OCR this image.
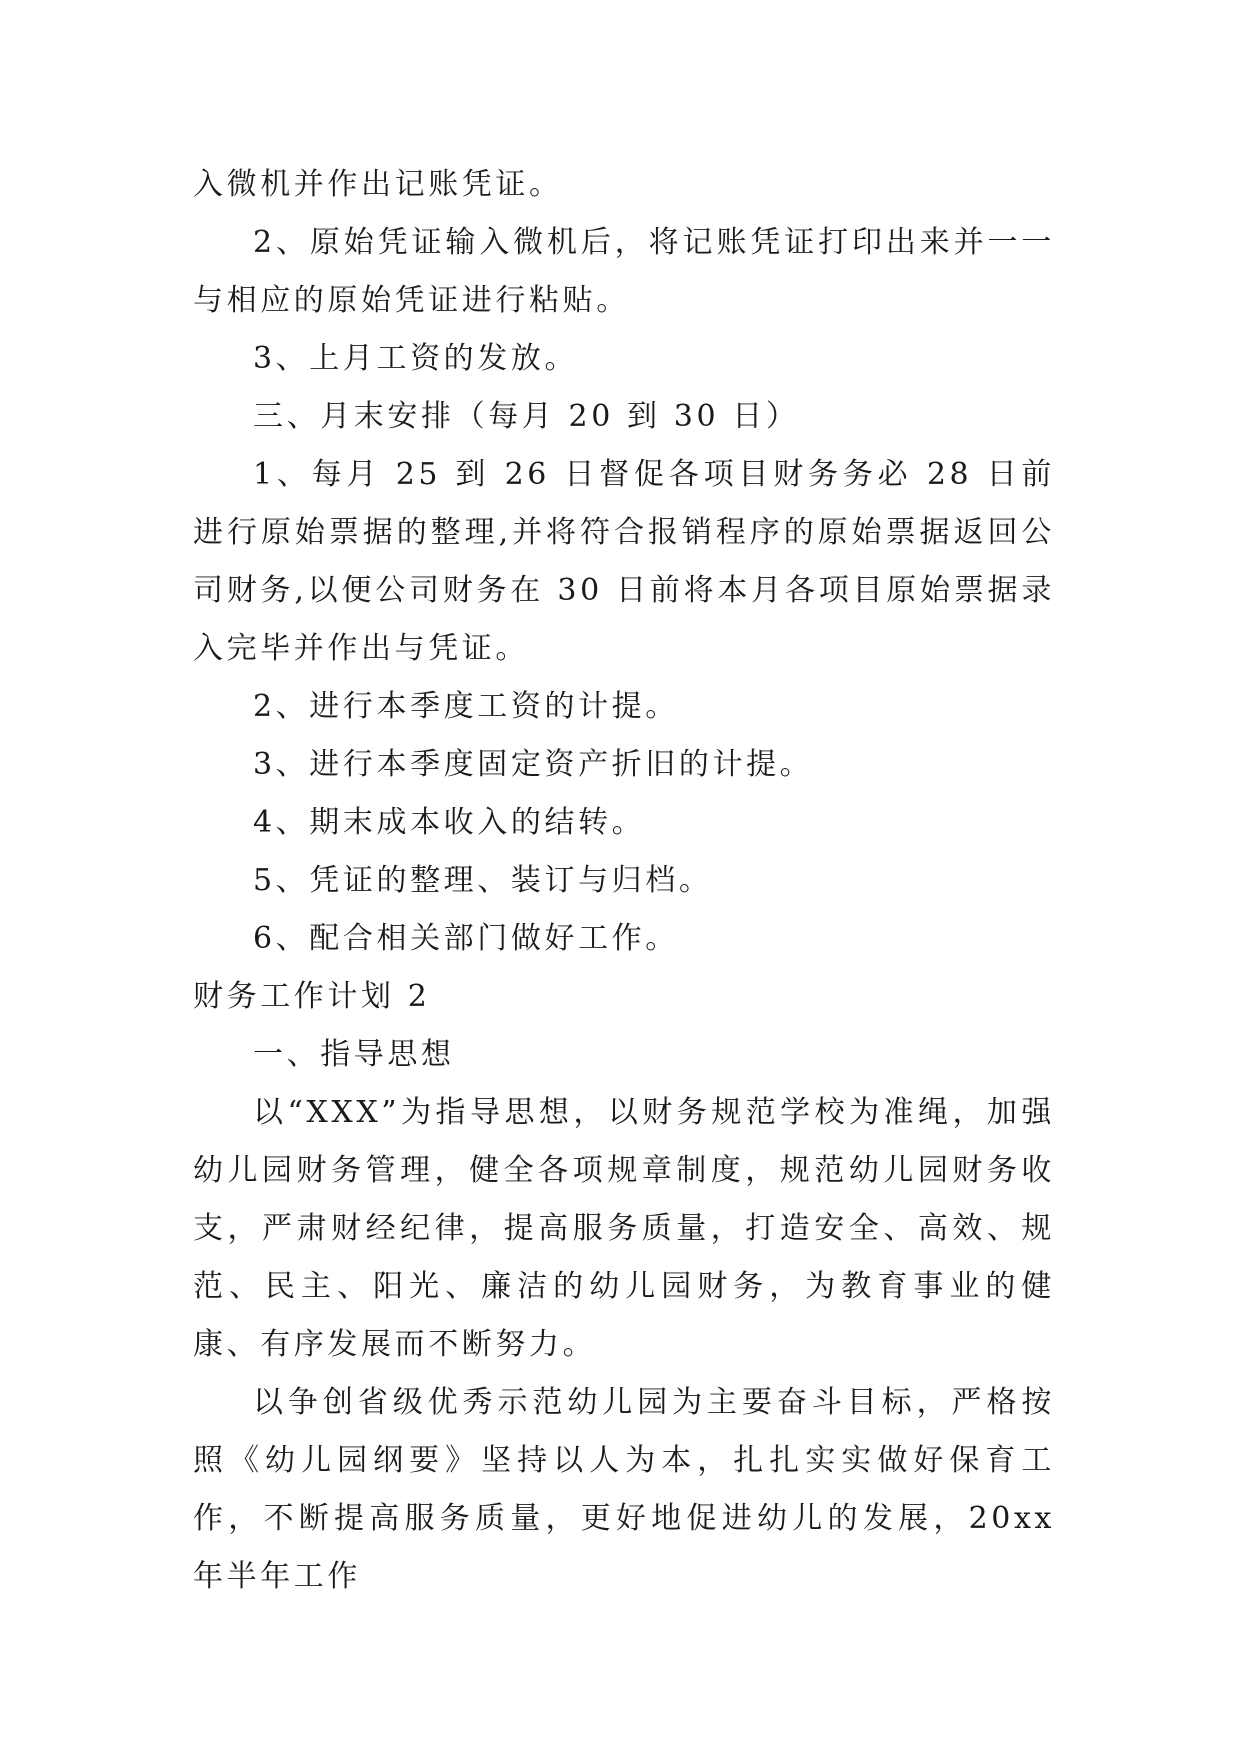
入微机并作出记账凭证。

2、原始凭证输入微机后，将记账凭证打印出来并一一与相应的原始凭证进行粘贴。

3、上月工资的发放。

三、月末安排（每月 20 到 30 日）

1、每月 25 到 26 日督促各项目财务务必 28 日前进行原始票据的整理,并将符合报销程序的原始票据返回公司财务,以便公司财务在 30 日前将本月各项目原始票据录入完毕并作出与凭证。

2、进行本季度工资的计提。

3、进行本季度固定资产折旧的计提。

4、期末成本收入的结转。

5、凭证的整理、装订与归档。

6、配合相关部门做好工作。

财务工作计划 2

一、指导思想

以“XXX”为指导思想，以财务规范学校为准绳，加强幼儿园财务管理，健全各项规章制度，规范幼儿园财务收支，严肃财经纪律，提高服务质量，打造安全、高效、规范、民主、阳光、廉洁的幼儿园财务，为教育事业的健康、有序发展而不断努力。

以争创省级优秀示范幼儿园为主要奋斗目标，严格按照《幼儿园纲要》坚持以人为本，扎扎实实做好保育工作，不断提高服务质量，更好地促进幼儿的发展，20xx 年半年工作
